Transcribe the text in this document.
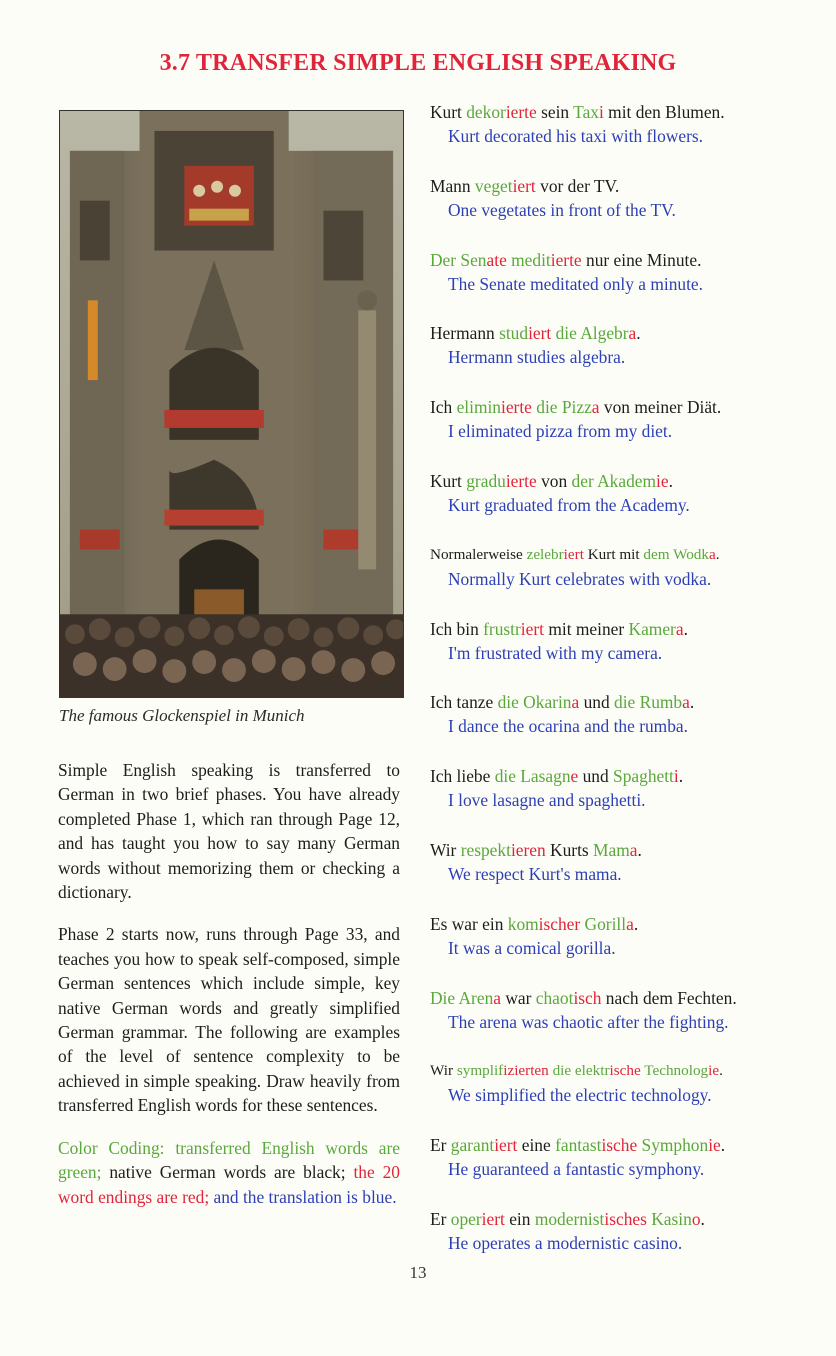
3.7 TRANSFER SIMPLE ENGLISH SPEAKING

The famous Glockenspiel in Munich

Simple English speaking is transferred to German in two brief phases. You have already completed Phase 1, which ran through Page 12, and has taught you how to say many German words without memorizing them or checking a dictionary.

Phase 2 starts now, runs through Page 33, and teaches you how to speak self-composed, simple German sentences which include simple, key native German words and greatly simplified German grammar. The following are examples of the level of sentence complexity to be achieved in simple speaking. Draw heavily from transferred English words for these sentences.

Color Coding: transferred English words are green; native German words are black; the 20 word endings are red; and the translation is blue.

Kurt dekorierte sein Taxi mit den Blumen.

Kurt decorated his taxi with flowers.

Mann vegetiert vor der TV.

One vegetates in front of the TV.

Der Senate meditierte nur eine Minute.

The Senate meditated only a minute.

Hermann studiert die Algebra.

Hermann studies algebra.

Ich eliminierte die Pizza von meiner Diät.

I eliminated pizza from my diet.

Kurt graduierte von der Akademie.

Kurt graduated from the Academy.

Normalerweise zelebriert Kurt mit dem Wodka.

Normally Kurt celebrates with vodka.

Ich bin frustriert mit meiner Kamera.

I'm frustrated with my camera.

Ich tanze die Okarina und die Rumba.

I dance the ocarina and the rumba.

Ich liebe die Lasagne und Spaghetti.

I love lasagne and spaghetti.

Wir respektieren Kurts Mama.

We respect Kurt's mama.

Es war ein komischer Gorilla.

It was a comical gorilla.

Die Arena war chaotisch nach dem Fechten.

The arena was chaotic after the fighting.

Wir symplifizierten die elektrische Technologie.

We simplified the electric technology.

Er garantiert eine fantastische Symphonie.

He guaranteed a fantastic symphony.

Er operiert ein modernistisches Kasino.

He operates a modernistic casino.

13
